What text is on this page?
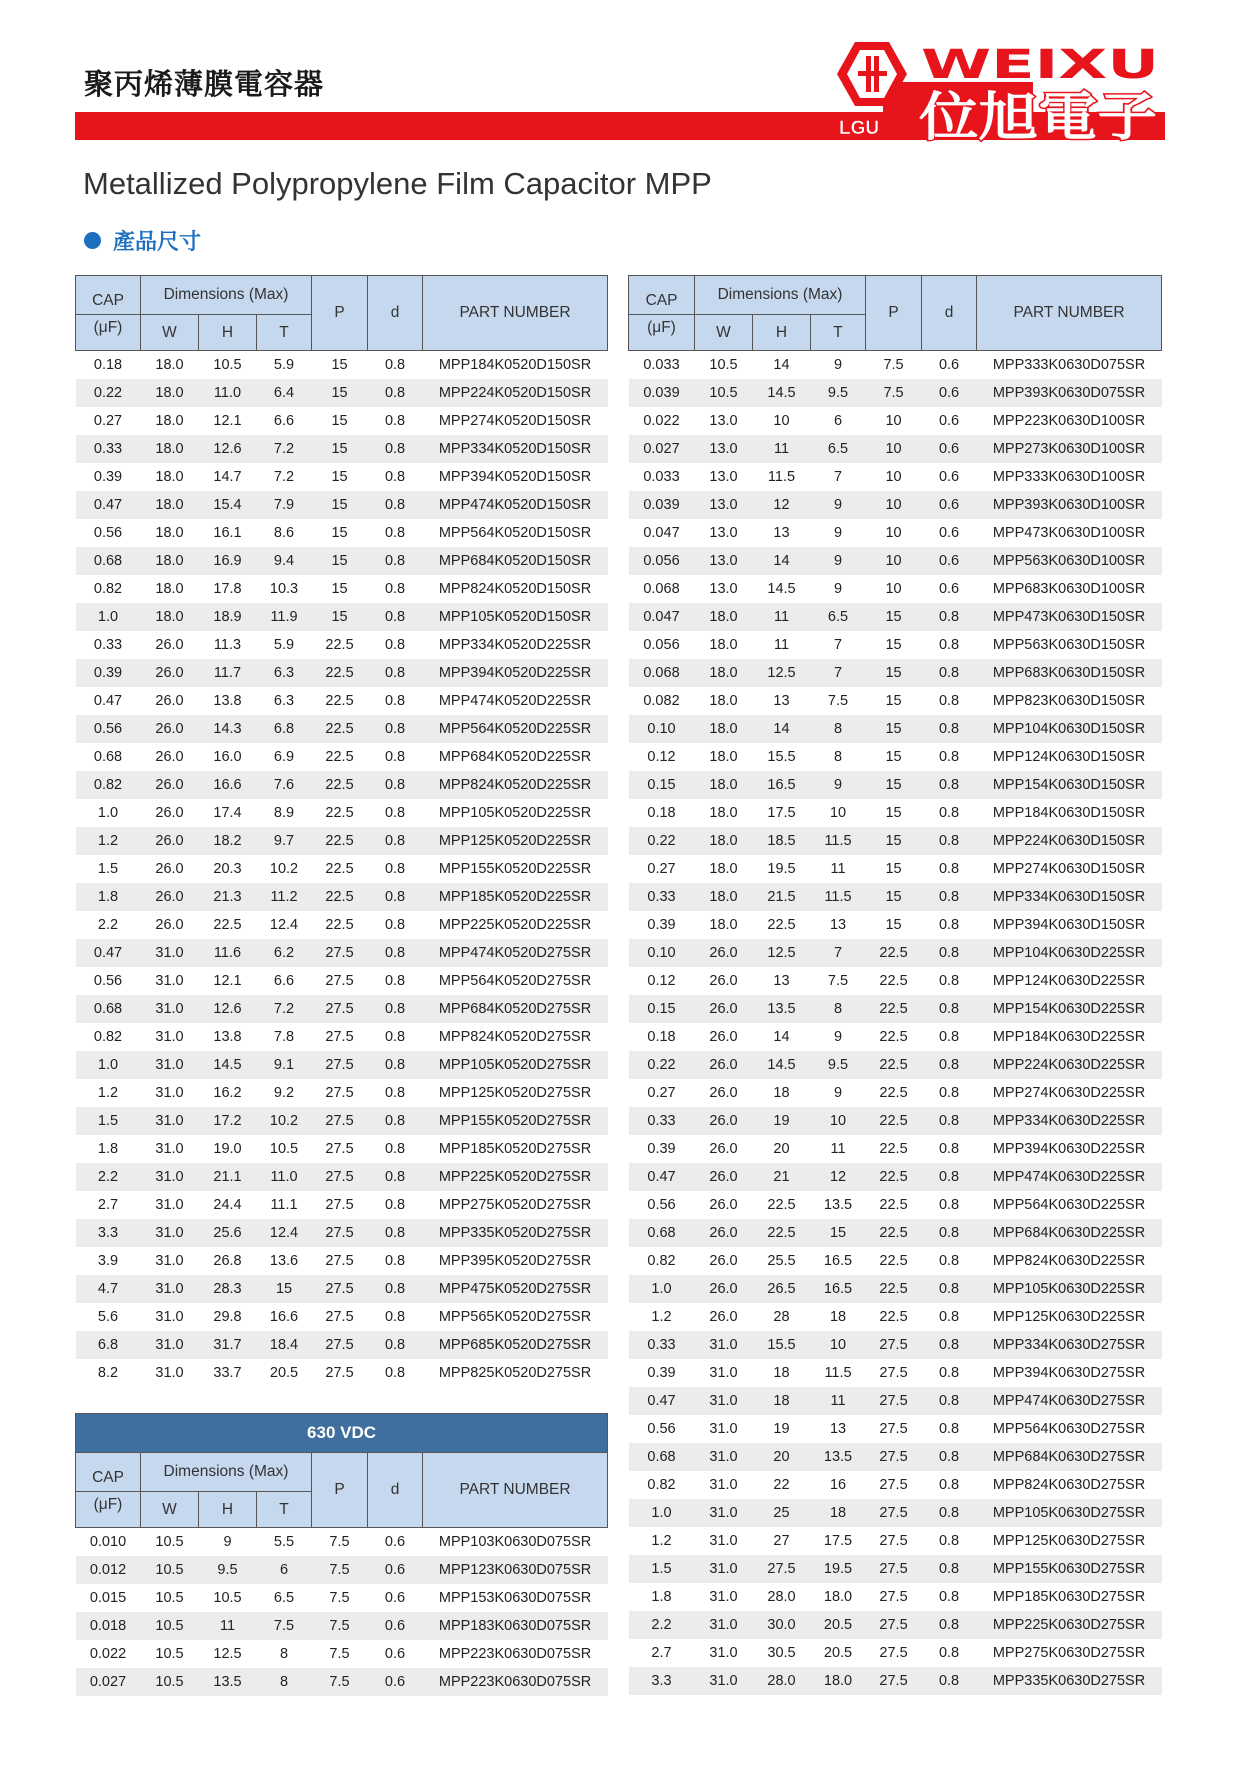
聚丙烯薄膜電容器
LGU
WEIXU
位旭電子
Metallized Polypropylene Film Capacitor MPP
產品尺寸
CAP	Dimensions (Max)			P	d	PART NUMBER
(μF)	W	H	T			
0.18	18.0	10.5	5.9	15	0.8	MPP184K0520D150SR
0.22	18.0	11.0	6.4	15	0.8	MPP224K0520D150SR
0.27	18.0	12.1	6.6	15	0.8	MPP274K0520D150SR
0.33	18.0	12.6	7.2	15	0.8	MPP334K0520D150SR
0.39	18.0	14.7	7.2	15	0.8	MPP394K0520D150SR
0.47	18.0	15.4	7.9	15	0.8	MPP474K0520D150SR
0.56	18.0	16.1	8.6	15	0.8	MPP564K0520D150SR
0.68	18.0	16.9	9.4	15	0.8	MPP684K0520D150SR
0.82	18.0	17.8	10.3	15	0.8	MPP824K0520D150SR
1.0	18.0	18.9	11.9	15	0.8	MPP105K0520D150SR
0.33	26.0	11.3	5.9	22.5	0.8	MPP334K0520D225SR
0.39	26.0	11.7	6.3	22.5	0.8	MPP394K0520D225SR
0.47	26.0	13.8	6.3	22.5	0.8	MPP474K0520D225SR
0.56	26.0	14.3	6.8	22.5	0.8	MPP564K0520D225SR
0.68	26.0	16.0	6.9	22.5	0.8	MPP684K0520D225SR
0.82	26.0	16.6	7.6	22.5	0.8	MPP824K0520D225SR
1.0	26.0	17.4	8.9	22.5	0.8	MPP105K0520D225SR
1.2	26.0	18.2	9.7	22.5	0.8	MPP125K0520D225SR
1.5	26.0	20.3	10.2	22.5	0.8	MPP155K0520D225SR
1.8	26.0	21.3	11.2	22.5	0.8	MPP185K0520D225SR
2.2	26.0	22.5	12.4	22.5	0.8	MPP225K0520D225SR
0.47	31.0	11.6	6.2	27.5	0.8	MPP474K0520D275SR
0.56	31.0	12.1	6.6	27.5	0.8	MPP564K0520D275SR
0.68	31.0	12.6	7.2	27.5	0.8	MPP684K0520D275SR
0.82	31.0	13.8	7.8	27.5	0.8	MPP824K0520D275SR
1.0	31.0	14.5	9.1	27.5	0.8	MPP105K0520D275SR
1.2	31.0	16.2	9.2	27.5	0.8	MPP125K0520D275SR
1.5	31.0	17.2	10.2	27.5	0.8	MPP155K0520D275SR
1.8	31.0	19.0	10.5	27.5	0.8	MPP185K0520D275SR
2.2	31.0	21.1	11.0	27.5	0.8	MPP225K0520D275SR
2.7	31.0	24.4	11.1	27.5	0.8	MPP275K0520D275SR
3.3	31.0	25.6	12.4	27.5	0.8	MPP335K0520D275SR
3.9	31.0	26.8	13.6	27.5	0.8	MPP395K0520D275SR
4.7	31.0	28.3	15	27.5	0.8	MPP475K0520D275SR
5.6	31.0	29.8	16.6	27.5	0.8	MPP565K0520D275SR
6.8	31.0	31.7	18.4	27.5	0.8	MPP685K0520D275SR
8.2	31.0	33.7	20.5	27.5	0.8	MPP825K0520D275SR
630 VDC						
CAP	Dimensions (Max)			P	d	PART NUMBER
(μF)	W	H	T			
0.010	10.5	9	5.5	7.5	0.6	MPP103K0630D075SR
0.012	10.5	9.5	6	7.5	0.6	MPP123K0630D075SR
0.015	10.5	10.5	6.5	7.5	0.6	MPP153K0630D075SR
0.018	10.5	11	7.5	7.5	0.6	MPP183K0630D075SR
0.022	10.5	12.5	8	7.5	0.6	MPP223K0630D075SR
0.027	10.5	13.5	8	7.5	0.6	MPP223K0630D075SR
CAP	Dimensions (Max)			P	d	PART NUMBER
(μF)	W	H	T			
0.033	10.5	14	9	7.5	0.6	MPP333K0630D075SR
0.039	10.5	14.5	9.5	7.5	0.6	MPP393K0630D075SR
0.022	13.0	10	6	10	0.6	MPP223K0630D100SR
0.027	13.0	11	6.5	10	0.6	MPP273K0630D100SR
0.033	13.0	11.5	7	10	0.6	MPP333K0630D100SR
0.039	13.0	12	9	10	0.6	MPP393K0630D100SR
0.047	13.0	13	9	10	0.6	MPP473K0630D100SR
0.056	13.0	14	9	10	0.6	MPP563K0630D100SR
0.068	13.0	14.5	9	10	0.6	MPP683K0630D100SR
0.047	18.0	11	6.5	15	0.8	MPP473K0630D150SR
0.056	18.0	11	7	15	0.8	MPP563K0630D150SR
0.068	18.0	12.5	7	15	0.8	MPP683K0630D150SR
0.082	18.0	13	7.5	15	0.8	MPP823K0630D150SR
0.10	18.0	14	8	15	0.8	MPP104K0630D150SR
0.12	18.0	15.5	8	15	0.8	MPP124K0630D150SR
0.15	18.0	16.5	9	15	0.8	MPP154K0630D150SR
0.18	18.0	17.5	10	15	0.8	MPP184K0630D150SR
0.22	18.0	18.5	11.5	15	0.8	MPP224K0630D150SR
0.27	18.0	19.5	11	15	0.8	MPP274K0630D150SR
0.33	18.0	21.5	11.5	15	0.8	MPP334K0630D150SR
0.39	18.0	22.5	13	15	0.8	MPP394K0630D150SR
0.10	26.0	12.5	7	22.5	0.8	MPP104K0630D225SR
0.12	26.0	13	7.5	22.5	0.8	MPP124K0630D225SR
0.15	26.0	13.5	8	22.5	0.8	MPP154K0630D225SR
0.18	26.0	14	9	22.5	0.8	MPP184K0630D225SR
0.22	26.0	14.5	9.5	22.5	0.8	MPP224K0630D225SR
0.27	26.0	18	9	22.5	0.8	MPP274K0630D225SR
0.33	26.0	19	10	22.5	0.8	MPP334K0630D225SR
0.39	26.0	20	11	22.5	0.8	MPP394K0630D225SR
0.47	26.0	21	12	22.5	0.8	MPP474K0630D225SR
0.56	26.0	22.5	13.5	22.5	0.8	MPP564K0630D225SR
0.68	26.0	22.5	15	22.5	0.8	MPP684K0630D225SR
0.82	26.0	25.5	16.5	22.5	0.8	MPP824K0630D225SR
1.0	26.0	26.5	16.5	22.5	0.8	MPP105K0630D225SR
1.2	26.0	28	18	22.5	0.8	MPP125K0630D225SR
0.33	31.0	15.5	10	27.5	0.8	MPP334K0630D275SR
0.39	31.0	18	11.5	27.5	0.8	MPP394K0630D275SR
0.47	31.0	18	11	27.5	0.8	MPP474K0630D275SR
0.56	31.0	19	13	27.5	0.8	MPP564K0630D275SR
0.68	31.0	20	13.5	27.5	0.8	MPP684K0630D275SR
0.82	31.0	22	16	27.5	0.8	MPP824K0630D275SR
1.0	31.0	25	18	27.5	0.8	MPP105K0630D275SR
1.2	31.0	27	17.5	27.5	0.8	MPP125K0630D275SR
1.5	31.0	27.5	19.5	27.5	0.8	MPP155K0630D275SR
1.8	31.0	28.0	18.0	27.5	0.8	MPP185K0630D275SR
2.2	31.0	30.0	20.5	27.5	0.8	MPP225K0630D275SR
2.7	31.0	30.5	20.5	27.5	0.8	MPP275K0630D275SR
3.3	31.0	28.0	18.0	27.5	0.8	MPP335K0630D275SR
